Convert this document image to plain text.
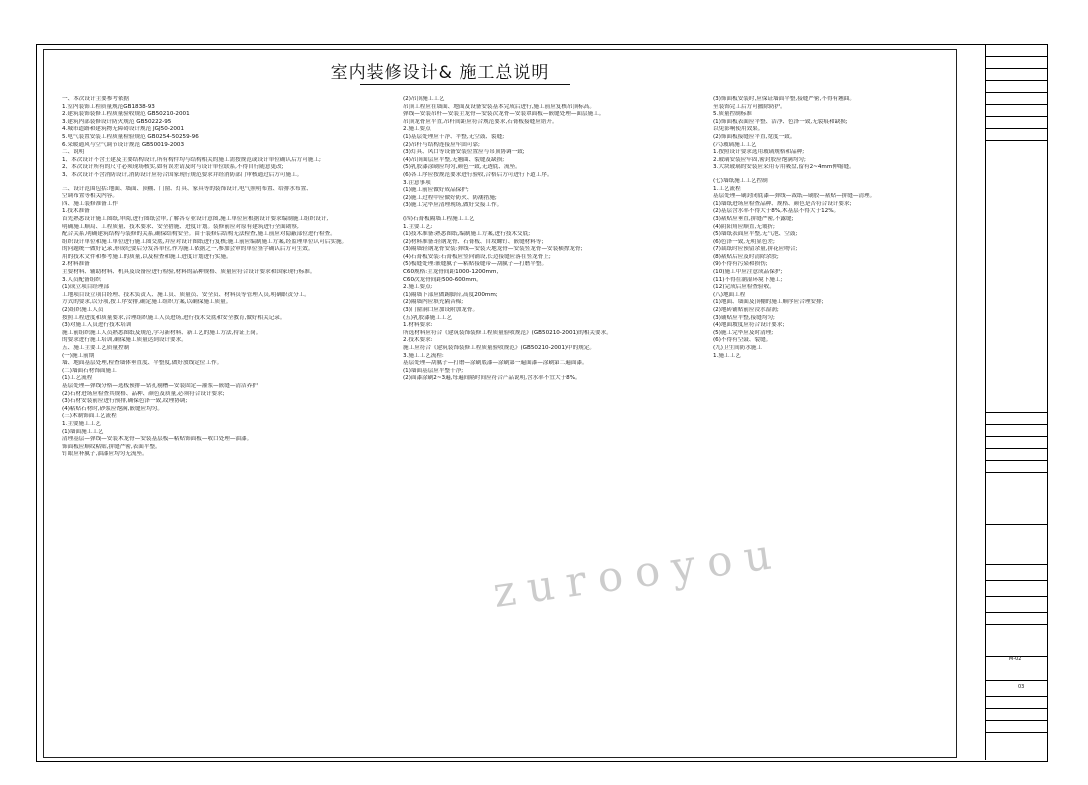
室内装修设计& 施工总说明
一、本次设计主要参考依据
1.室内装饰工程质量规范GB1838-93
2.建筑装饰装修工程质量验收规范 GB50210-2001
3.建筑内部装修设计防火规范 GB50222-95
4.城市道路和建筑物无障碍设计规范 JGJ50-2001
5.电气装置安装工程质量检验规范 GB0254-50259-96
6.采暖通风与空气调节设计规范 GB50019-2003
二、说明
1、本次设计不含土建及主要结构设计,所有构件均与结构相关的施工需按规范或设计单位确认后方可施工;
2、本次设计所有的尺寸必须现场核实,如有误差请及时与设计单位联系,不得自行随意更改;
3、本次设计不含消防设计,消防设计应符合国家现行规范要求并经消防部门审核通过后方可施工。
三、设计范围包括:地面、墙面、顶棚、门窗、灯具、家具等的装饰设计,电气照明布置、给排水布置、
空调布置等相关内容。
四、施工装修准备工作
1.技术准备
首先熟悉设计施工图纸,审阅,进行图纸会审,了解各专业设计意图,施工单位应根据设计要求编制施工组织设计,
明确施工顺局、工程质量、技术要求、安全措施、进度计划。装修前应对原有建筑进行全面勘察,
配合关系,明确建筑结构与装修的关系,确保结构安全。由于装修后结构无法检查,施工前应对隐蔽部位进行检查。
组织设计单位和施工单位进行施工图交底,并应对设计图纸进行复核;施工前应编制施工方案,经监理单位认可后实施。
的问题统一做好记录,形成纪要后分发各单位,作为施工依据之一,参加会审的单位签字确认后方可生效。
用的技术文件和参考施工的质量,以及检查和施工进度计划进行实施。
2.材料准备
主要材料、辅助材料、机具及设备应进行检验,材料的品种规格、质量应符合设计要求和国家现行标准。
3.人员配备组织
(1)成立项目经理部
工地项目设立项目经理、技术负责人、施工员、质量员、安全员、材料员等管理人员,明确职责分工。
方式的要求,以分项,按工序安排,确定施工组织方案,以确保施工质量。
(2)组织施工人员
按照工程进度和质量要求,合理组织施工人员进场,进行技术交底和安全教育,做好相关记录。
(3)对施工人员进行技术培训
施工前组织施工人员熟悉图纸及规范,学习新材料、新工艺的施工方法,持证上岗。
的要求进行施工培训,确保施工质量达到设计要求。
五、施工主要工艺质量控制
(一)施工前期
墙、地面基层处理,检查墙体垂直度、平整度,做好放线定位工作。
(二)墙面石材饰面施工
(1)工艺流程
基层处理—弹线分格—选板预排—钻孔剔槽—安装固定—灌浆—嵌缝—清洁养护
(2)石材进场应检查其规格、品种、颜色及质量,必须符合设计要求;
(3)石材安装前应进行预排,确保色泽一致,纹理协调;
(4)粘贴石材时,砂浆应饱满,嵌缝应均匀。
(三)木制饰面工艺流程
1.主要施工工艺
(1)墙面施工工艺
清理基层—弹线—安装木龙骨—安装基层板—粘贴饰面板—收口处理—油漆。
饰面板应顺纹粘贴,拼缝严密,表面平整。
钉眼应补腻子,油漆应均匀无流坠。
(2)吊顶施工工艺
吊顶工程应在墙面、地面及设备安装基本完成后进行,施工前应复核吊顶标高。
弹线—安装吊杆—安装主龙骨—安装次龙骨—安装罩面板—嵌缝处理—面层施工。
吊顶龙骨应平直,吊杆间距应符合规范要求,石膏板接缝应错开。
2.施工要点
(1)基层处理应干净、平整,无空鼓、裂缝;
(2)吊杆与结构连接应牢固可靠;
(3)灯具、风口等设备安装位置应与吊顶协调一致;
(4)吊顶面层应平整,无翘曲、裂缝及缺损;
(5)乳胶漆涂刷应均匀,颜色一致,无透底、流坠。
(6)各工序应按规范要求进行验收,合格后方可进行下道工序。
3.注意事项
(1)施工前应做好成品保护;
(2)施工过程中应做好防火、防潮措施;
(3)施工完毕应清理现场,做好交接工作。
(四)石膏板隔墙工程施工工艺
1.主要工艺:
(1)技术准备:熟悉图纸,编制施工方案,进行技术交底;
(2)材料准备:轻钢龙骨、石膏板、自攻螺钉、嵌缝材料等;
(3)隔墙轻钢龙骨安装:弹线—安装天地龙骨—安装竖龙骨—安装横撑龙骨;
(4)石膏板安装:石膏板应竖向铺设,长边接缝应落在竖龙骨上;
(5)板缝处理:嵌缝腻子—粘贴接缝带—刮腻子—打磨平整。
C60规格:主龙骨间距1000-1200mm,
C60次龙骨间距500-600mm。
2.施工要点:
(1)隔墙下部应做踢脚台,高度200mm;
(2)隔墙内应填充隔音棉;
(3)门窗洞口应加设附加龙骨。
(五)乳胶漆施工工艺
1.材料要求:
所选材料应符合《建筑装饰装修工程质量验收规范》(GB50210-2001)的相关要求。
2.技术要求:
施工应符合《建筑装饰装修工程质量验收规范》(GB50210-2001)中的规定。
3.施工工艺流程:
基层处理—刮腻子—打磨—涂刷底漆—涂刷第一遍面漆—涂刷第二遍面漆。
(1)墙面基层应平整干净;
(2)面漆涂刷2~3遍,每遍间隔时间应符合产品说明,含水率不宜大于8%。
(3)饰面板安装时,应保证墙面平整,接缝严密,不得有翘曲。
至装饰完工后方可撤除防护。
5.质量控制标准
(1)饰面板表面应平整、洁净、色泽一致,无裂痕和缺损;
以免影响使用效果。
(2)饰面板接缝应平直,宽度一致。
(六)玻璃施工工艺
1.按照设计要求选用玻璃规格和品种;
2.玻璃安装应牢固,密封胶应饱满均匀;
3.大块玻璃的安装应采用专用吸盘,留有2~4mm伸缩缝。
(七)墙纸施工工艺控制
1.工艺流程
基层处理—刷封闭底漆—弹线—裁纸—刷胶—裱贴—拼缝—清理。
(1)墙纸进场应检查品种、规格、颜色是否符合设计要求;
(2)基层含水率不得大于8%,木基层不得大于12%。
(3)裱贴应垂直,拼缝严密,不露缝;
(4)阴阳角应顺直,无皱折;
(5)墙纸表面应平整,无气泡、空鼓;
(6)色泽一致,无明显色差;
(7)裁纸时应预留余量,拼花应吻合;
(8)裱贴后应及时清除余胶;
(9)不得有污染和损伤;
(10)施工中应注意成品保护;
(11)不得在潮湿环境下施工;
(12)完成后应检查验收。
(八)地面工程
(1)地面、墙面及顶棚的施工顺序应合理安排;
(2)地砖铺贴前应浸水湿润;
(3)铺贴应平整,接缝均匀;
(4)地面坡度应符合设计要求;
(5)施工完毕应及时清理;
(6)不得有空鼓、裂缝。
(九)卫生间防水施工
1.施工工艺
zurooyou
M-02
03
